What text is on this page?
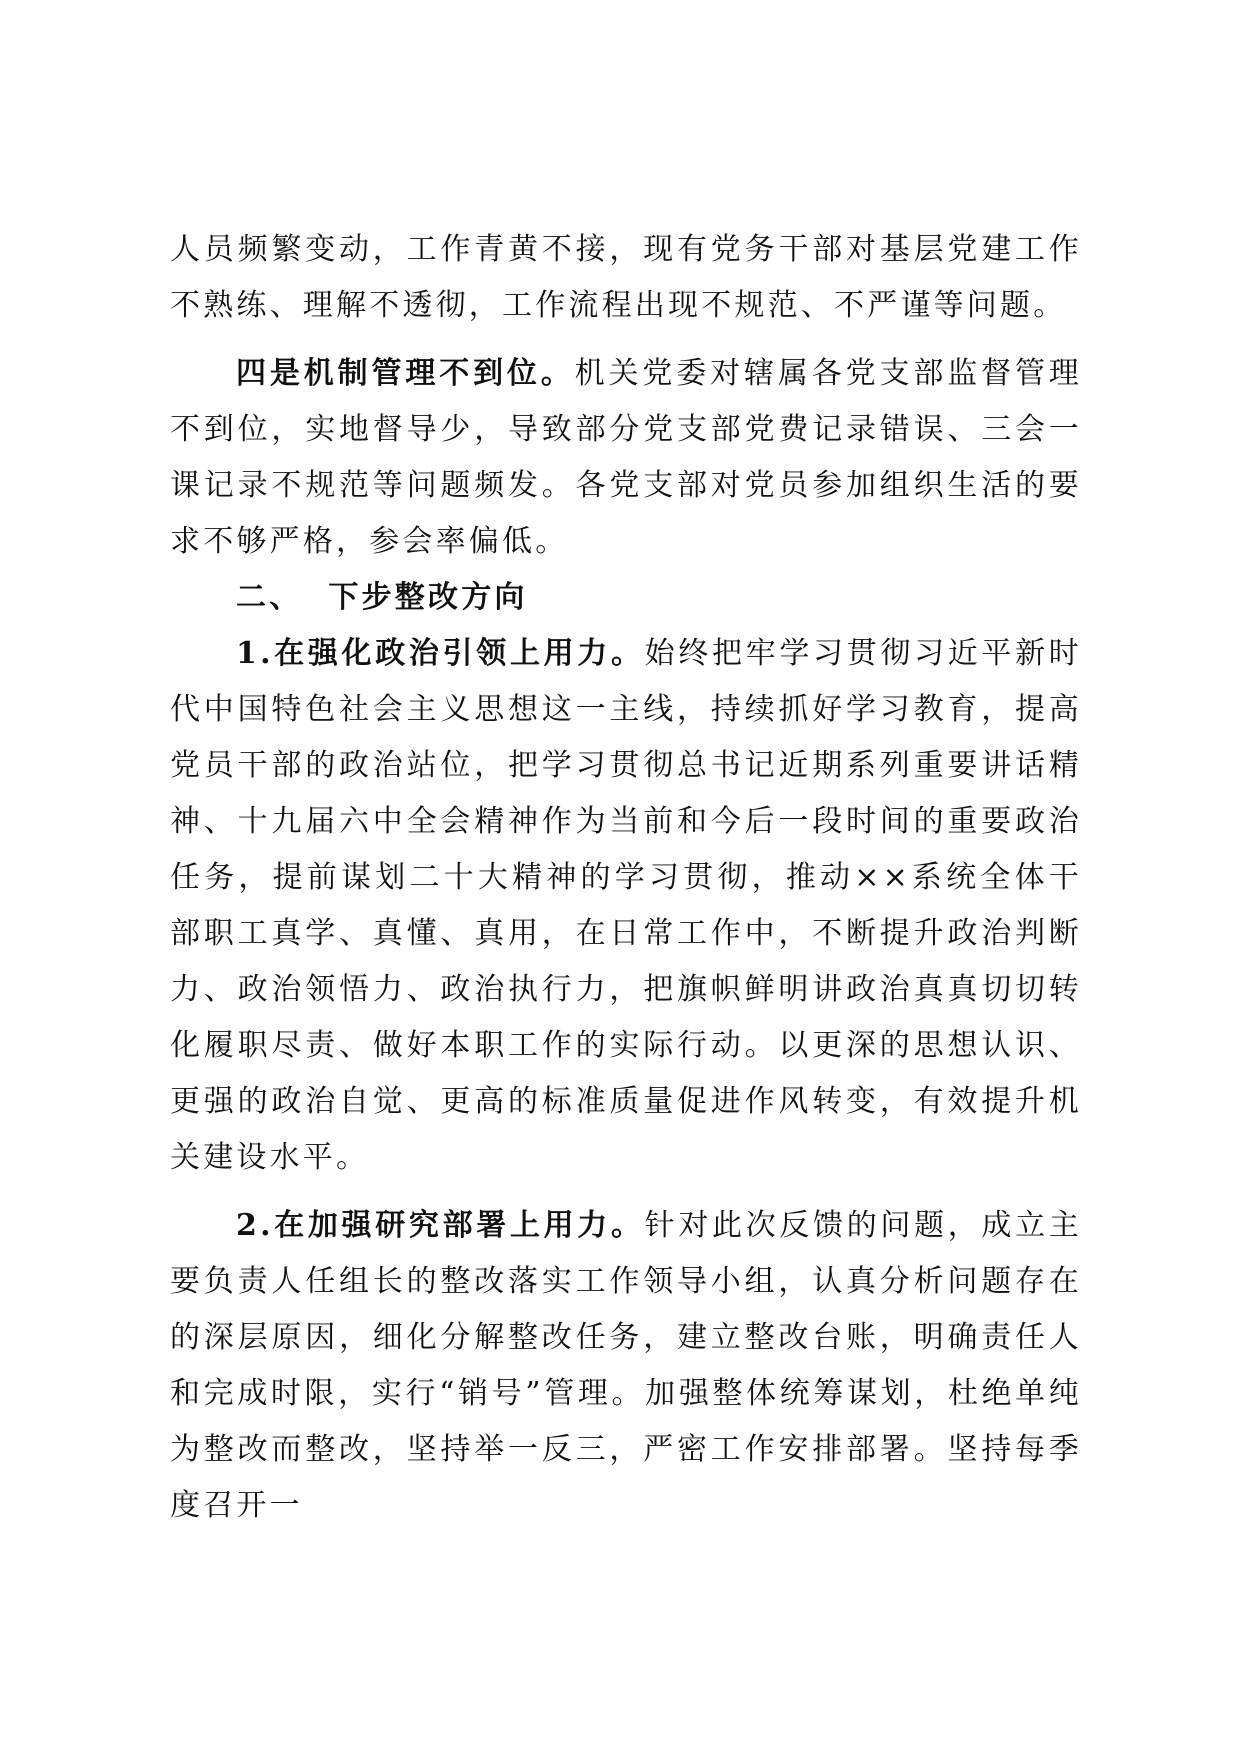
人员频繁变动，工作青黄不接，现有党务干部对基层党建工作不熟练、理解不透彻，工作流程出现不规范、不严谨等问题。

四是机制管理不到位。机关党委对辖属各党支部监督管理不到位，实地督导少，导致部分党支部党费记录错误、三会一课记录不规范等问题频发。各党支部对党员参加组织生活的要求不够严格，参会率偏低。

二、 下步整改方向

1.在强化政治引领上用力。始终把牢学习贯彻习近平新时代中国特色社会主义思想这一主线，持续抓好学习教育，提高党员干部的政治站位，把学习贯彻总书记近期系列重要讲话精神、十九届六中全会精神作为当前和今后一段时间的重要政治任务，提前谋划二十大精神的学习贯彻，推动××系统全体干部职工真学、真懂、真用，在日常工作中，不断提升政治判断力、政治领悟力、政治执行力，把旗帜鲜明讲政治真真切切转化履职尽责、做好本职工作的实际行动。以更深的思想认识、更强的政治自觉、更高的标准质量促进作风转变，有效提升机关建设水平。

2.在加强研究部署上用力。针对此次反馈的问题，成立主要负责人任组长的整改落实工作领导小组，认真分析问题存在的深层原因，细化分解整改任务，建立整改台账，明确责任人和完成时限，实行“销号”管理。加强整体统筹谋划，杜绝单纯为整改而整改，坚持举一反三，严密工作安排部署。坚持每季度召开一
